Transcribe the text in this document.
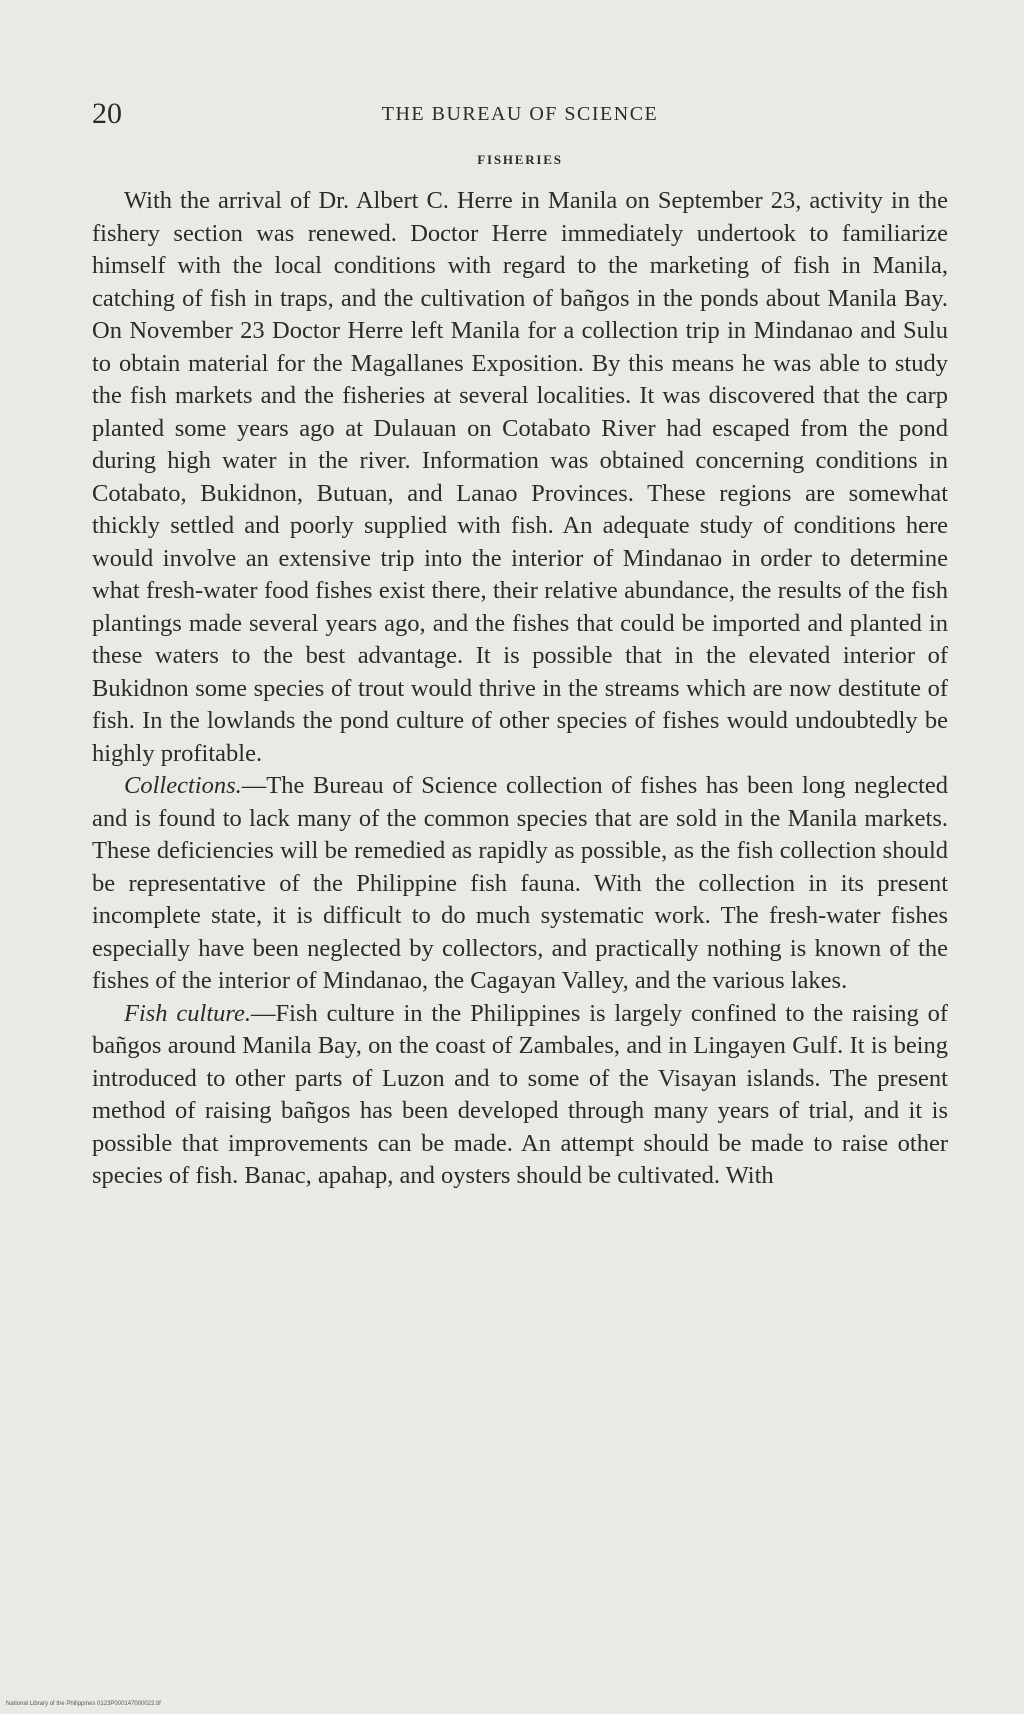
20	THE BUREAU OF SCIENCE
FISHERIES

With the arrival of Dr. Albert C. Herre in Manila on September 23, activity in the fishery section was renewed. Doctor Herre immediately undertook to familiarize himself with the local conditions with regard to the marketing of fish in Manila, catching of fish in traps, and the cultivation of bañgos in the ponds about Manila Bay. On November 23 Doctor Herre left Manila for a collection trip in Mindanao and Sulu to obtain material for the Magallanes Exposition. By this means he was able to study the fish markets and the fisheries at several localities. It was discovered that the carp planted some years ago at Dulauan on Cotabato River had escaped from the pond during high water in the river. Information was obtained concerning conditions in Cotabato, Bukidnon, Butuan, and Lanao Provinces. These regions are somewhat thickly settled and poorly supplied with fish. An adequate study of conditions here would involve an extensive trip into the interior of Mindanao in order to determine what fresh-water food fishes exist there, their relative abundance, the results of the fish plantings made several years ago, and the fishes that could be imported and planted in these waters to the best advantage. It is possible that in the elevated interior of Bukidnon some species of trout would thrive in the streams which are now destitute of fish. In the lowlands the pond culture of other species of fishes would undoubtedly be highly profitable.

Collections.—The Bureau of Science collection of fishes has been long neglected and is found to lack many of the common species that are sold in the Manila markets. These deficiencies will be remedied as rapidly as possible, as the fish collection should be representative of the Philippine fish fauna. With the collection in its present incomplete state, it is difficult to do much systematic work. The fresh-water fishes especially have been neglected by collectors, and practically nothing is known of the fishes of the interior of Mindanao, the Cagayan Valley, and the various lakes.

Fish culture.—Fish culture in the Philippines is largely confined to the raising of bañgos around Manila Bay, on the coast of Zambales, and in Lingayen Gulf. It is being introduced to other parts of Luzon and to some of the Visayan islands. The present method of raising bañgos has been developed through many years of trial, and it is possible that improvements can be made. An attempt should be made to raise other species of fish. Banac, apahap, and oysters should be cultivated. With

National Library of the Philippines 0123P000147000022.tif
